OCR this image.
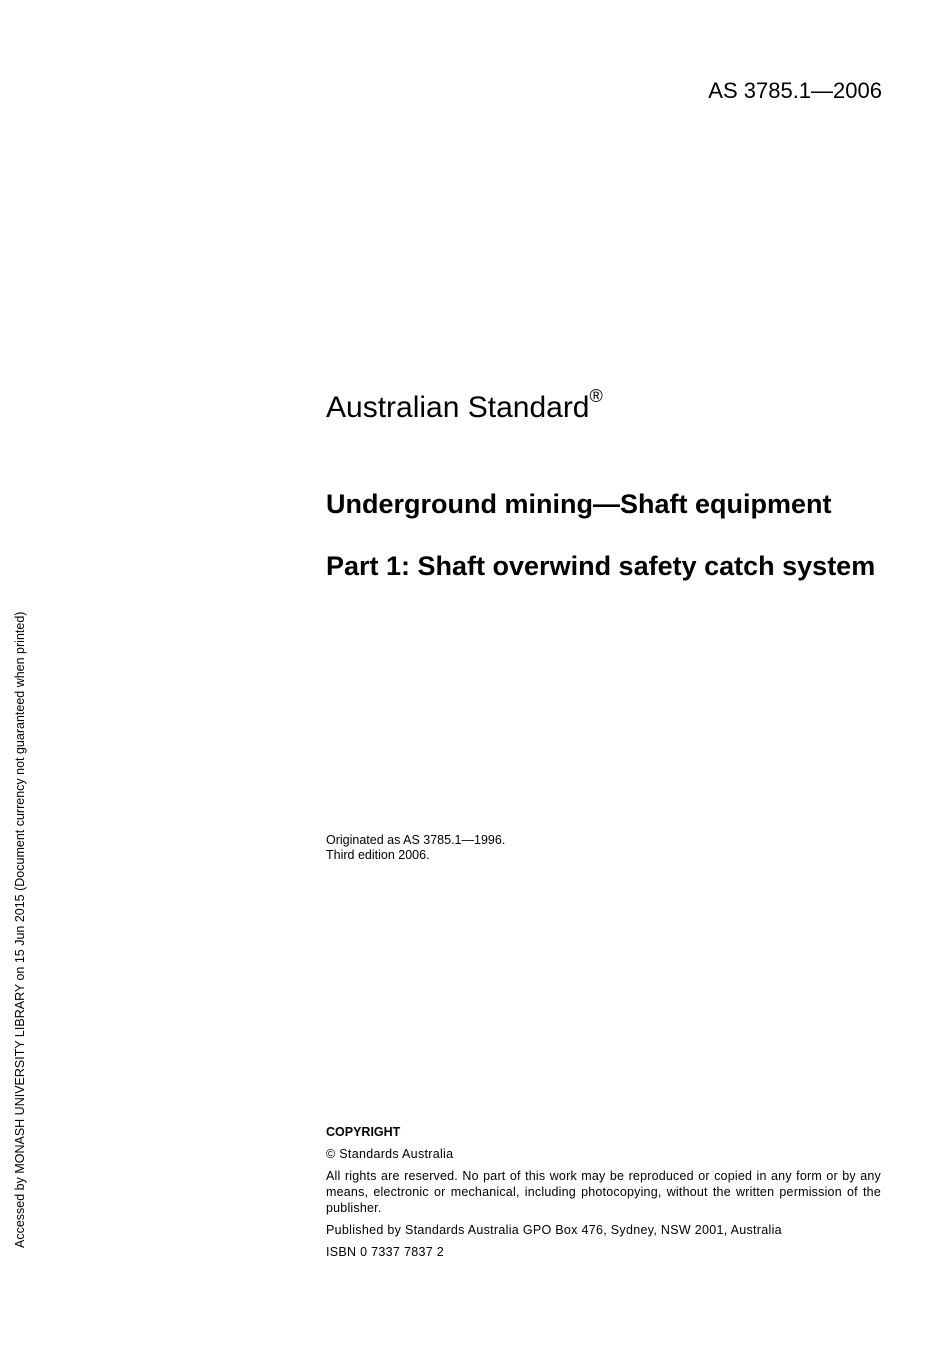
AS 3785.1—2006
Australian Standard®
Underground mining—Shaft equipment
Part 1: Shaft overwind safety catch system
Originated as AS 3785.1—1996.
Third edition 2006.
COPYRIGHT

© Standards Australia

All rights are reserved. No part of this work may be reproduced or copied in any form or by any means, electronic or mechanical, including photocopying, without the written permission of the publisher.

Published by Standards Australia GPO Box 476, Sydney, NSW 2001, Australia

ISBN 0 7337 7837 2

Accessed by MONASH UNIVERSITY LIBRARY on 15 Jun 2015 (Document currency not guaranteed when printed)
